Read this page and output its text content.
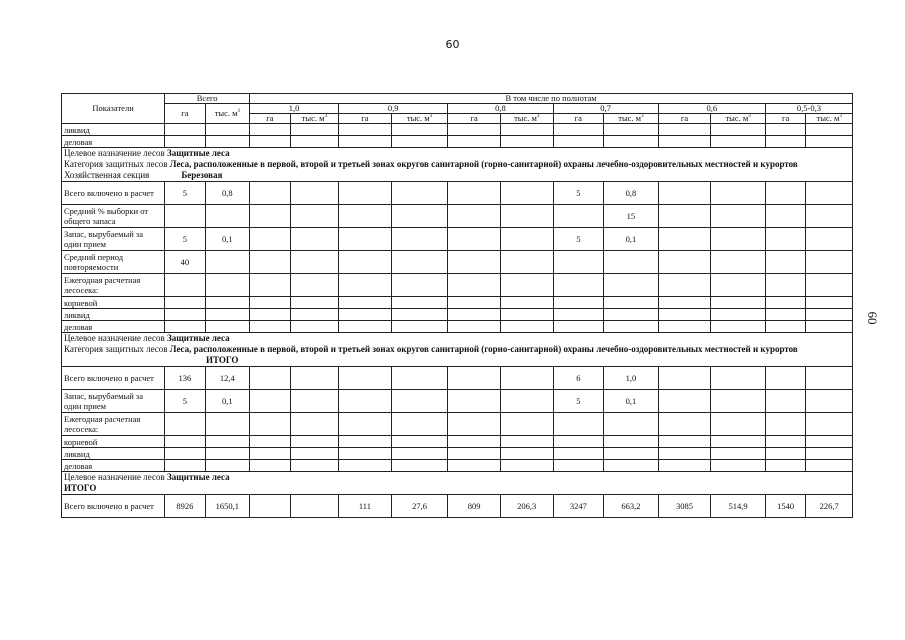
60
60
Показатели	Всего		В том числе по полнотам											
	га	тыс. $м^3$	1,0		0,9		0,8		0,7		0,6		0,5-0,3	
			га	тыс. $м^3$	га	тыс. $м^3$	га	тыс. $м^3$	га	тыс. $м^3$	га	тыс. $м^3$	га	тыс. $м^3$
ликвид														
деловая														
Целевое назначение лесов Защитные леса
Категория защитных лесов Леса, расположенные в первой, второй и третьей зонах округов санитарной (горно-санитарной) охраны лечебно-оздоровительных местностей и курортов
Хозяйственная секция Березовая														
Всего включено в расчет	5	0,8							5	0,8				
Средний % выборки от общего запаса										15				
Запас, вырубаемый за один прием	5	0,1							5	0,1				
Средний период повторяемости	40													
Ежегодная расчетная лесосека:														
корневой														
ликвид														
деловая														
Целевое назначение лесов Защитные леса
Категория защитных лесов Леса, расположенные в первой, второй и третьей зонах округов санитарной (горно-санитарной) охраны лечебно-оздоровительных местностей и курортов
ИТОГО														
Всего включено в расчет	136	12,4							6	1,0				
Запас, вырубаемый за один прием	5	0,1							5	0,1				
Ежегодная расчетная лесосека:														
корневой														
ликвид														
деловая														
Целевое назначение лесов Защитные леса
ИТОГО														
Всего включено в расчет	8926	1650,1			111	27,6	809	206,3	3247	663,2	3085	514,9	1540	226,7
